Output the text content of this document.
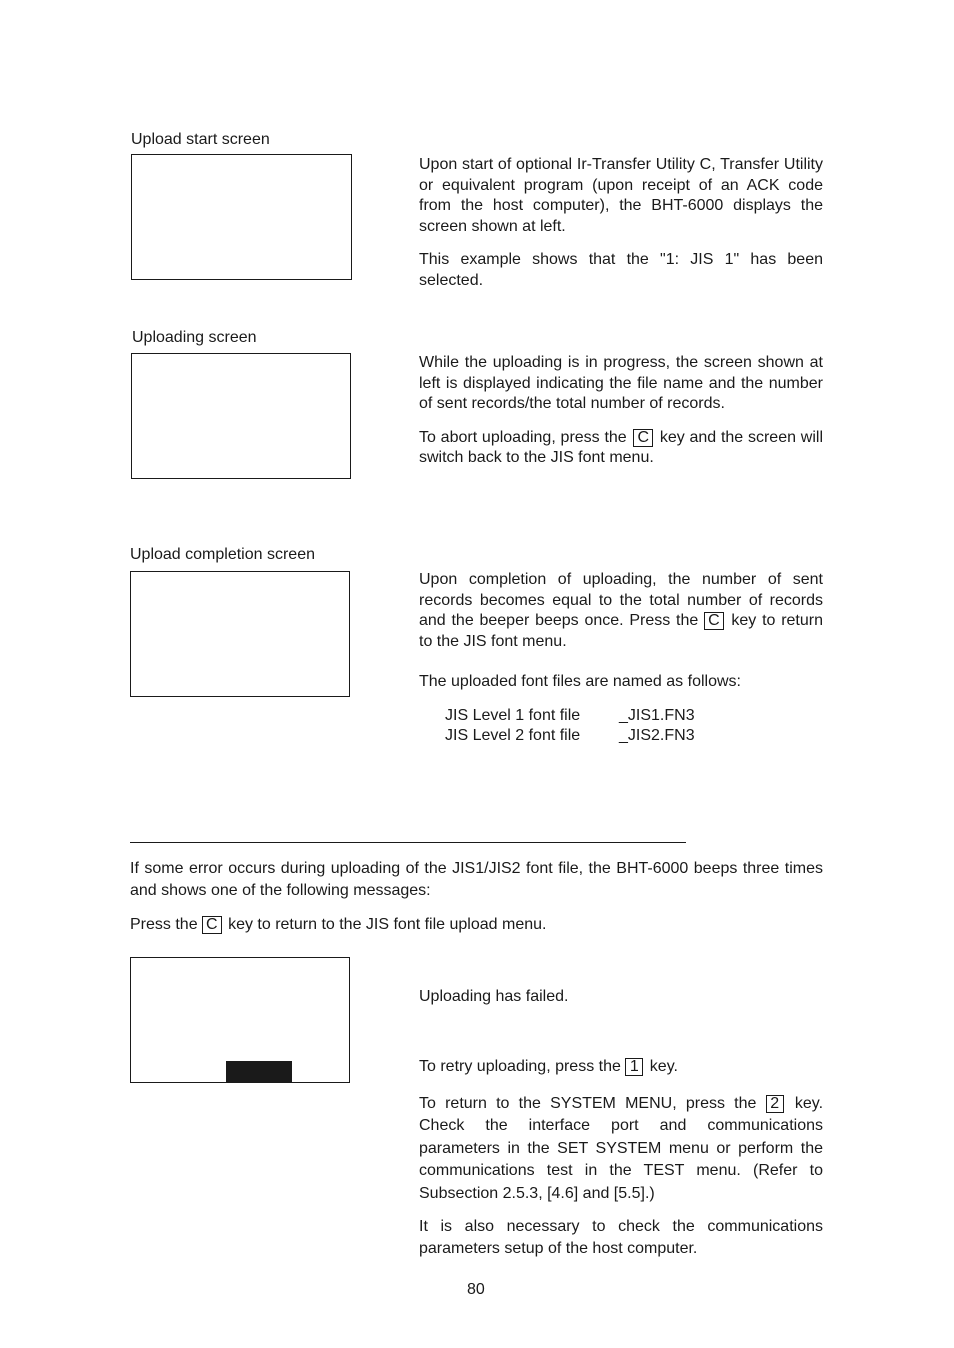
Upload start screen

Upon start of optional Ir-Transfer Utility C, Transfer Utility or equivalent program (upon receipt of an ACK code from the host computer), the BHT-6000 displays the screen shown at left.

This example shows that the "1: JIS 1" has been selected.

Uploading screen

While the uploading is in progress, the screen shown at left is displayed indicating the file name and the number of sent records/the total number of records.

To abort uploading, press the C key and the screen will switch back to the JIS font menu.

Upload completion screen

Upon completion of uploading, the number of sent records becomes equal to the total number of records and the beeper beeps once. Press the C key to return to the JIS font menu.

The uploaded font files are named as follows:

JIS Level 1 font file _JIS1.FN3
JIS Level 2 font file _JIS2.FN3
If some error occurs during uploading of the JIS1/JIS2 font file, the BHT-6000 beeps three times and shows one of the following messages:
Press the C key to return to the JIS font file upload menu.
Uploading has failed.
To retry uploading, press the 1 key.
To return to the SYSTEM MENU, press the 2 key. Check the interface port and communications parameters in the SET SYSTEM menu or perform the communications test in the TEST menu. (Refer to Subsection 2.5.3, [4.6] and [5.5].)
It is also necessary to check the communications parameters setup of the host computer.
80
